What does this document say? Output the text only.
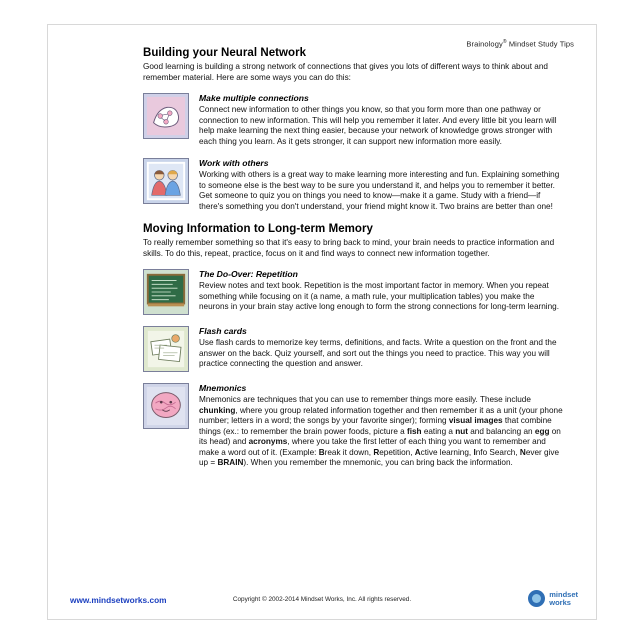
Brainology® Mindset Study Tips
Building your Neural Network

Good learning is building a strong network of connections that gives you lots of different ways to think about and remember material. Here are some ways you can do this:

Make multiple connections

Connect new information to other things you know, so that you form more than one pathway or connection to new information. This will help you remember it later. And every little bit you learn will help make learning the next thing easier, because your network of knowledge grows stronger with each thing you learn. As it gets stronger, it can support new information more easily.

Work with others

Working with others is a great way to make learning more interesting and fun. Explaining something to someone else is the best way to be sure you understand it, and helps you to remember it better. Get someone to quiz you on things you need to know—make it a game. Study with a friend—if there's something you don't understand, your friend might know it. Two brains are better than one!

Moving Information to Long-term Memory

To really remember something so that it's easy to bring back to mind, your brain needs to practice information and skills. To do this, repeat, practice, focus on it and find ways to connect new information together.

The Do-Over: Repetition

Review notes and text book. Repetition is the most important factor in memory. When you repeat something while focusing on it (a name, a math rule, your multiplication tables) you make the neurons in your brain stay active long enough to form the strong connections for long-term learning.

Flash cards

Use flash cards to memorize key terms, definitions, and facts. Write a question on the front and the answer on the back. Quiz yourself, and sort out the things you need to practice. This way you will practice connecting the question and answer.

Mnemonics

Mnemonics are techniques that you can use to remember things more easily. These include chunking, where you group related information together and then remember it as a unit (your phone number; letters in a word; the songs by your favorite singer); forming visual images that combine things (ex.: to remember the brain power foods, picture a fish eating a nut and balancing an egg on its head) and acronyms, where you take the first letter of each thing you want to remember and make a word out of it. (Example: Break it down, Repetition, Active learning, Info Search, Never give up = BRAIN). When you remember the mnemonic, you can bring back the information.

www.mindsetworks.com	Copyright © 2002-2014 Mindset Works, Inc. All rights reserved.
mindset
works
